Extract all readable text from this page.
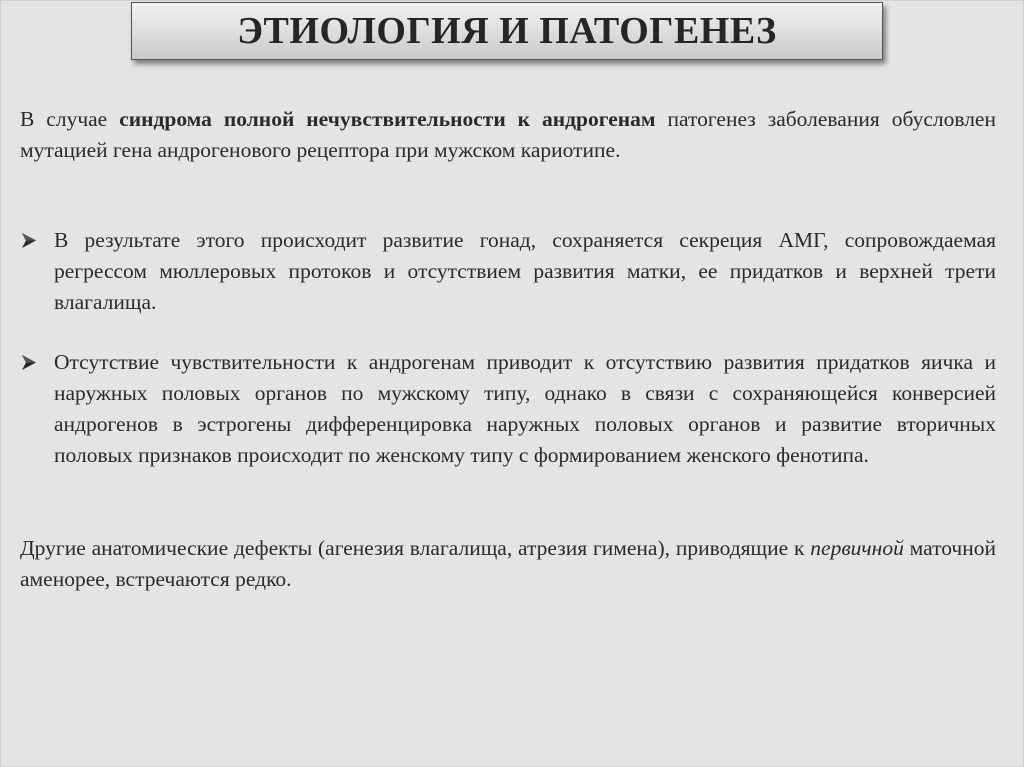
ЭТИОЛОГИЯ И ПАТОГЕНЕЗ

В случае синдрома полной нечувствительности к андрогенам патогенез заболевания обусловлен мутацией гена андрогенового рецептора при мужском кариотипе.

В результате этого происходит развитие гонад, сохраняется секреция АМГ, сопровождаемая регрессом мюллеровых протоков и отсутствием развития матки, ее придатков и верхней трети влагалища.
Отсутствие чувствительности к андрогенам приводит к отсутствию развития придатков яичка и наружных половых органов по мужскому типу, однако в связи с сохраняющейся конверсией андрогенов в эстрогены дифференцировка наружных половых органов и развитие вторичных половых признаков происходит по женскому типу с формированием женского фенотипа.

Другие анатомические дефекты (агенезия влагалища, атрезия гимена), приводящие к первичной маточной аменорее, встречаются редко.
